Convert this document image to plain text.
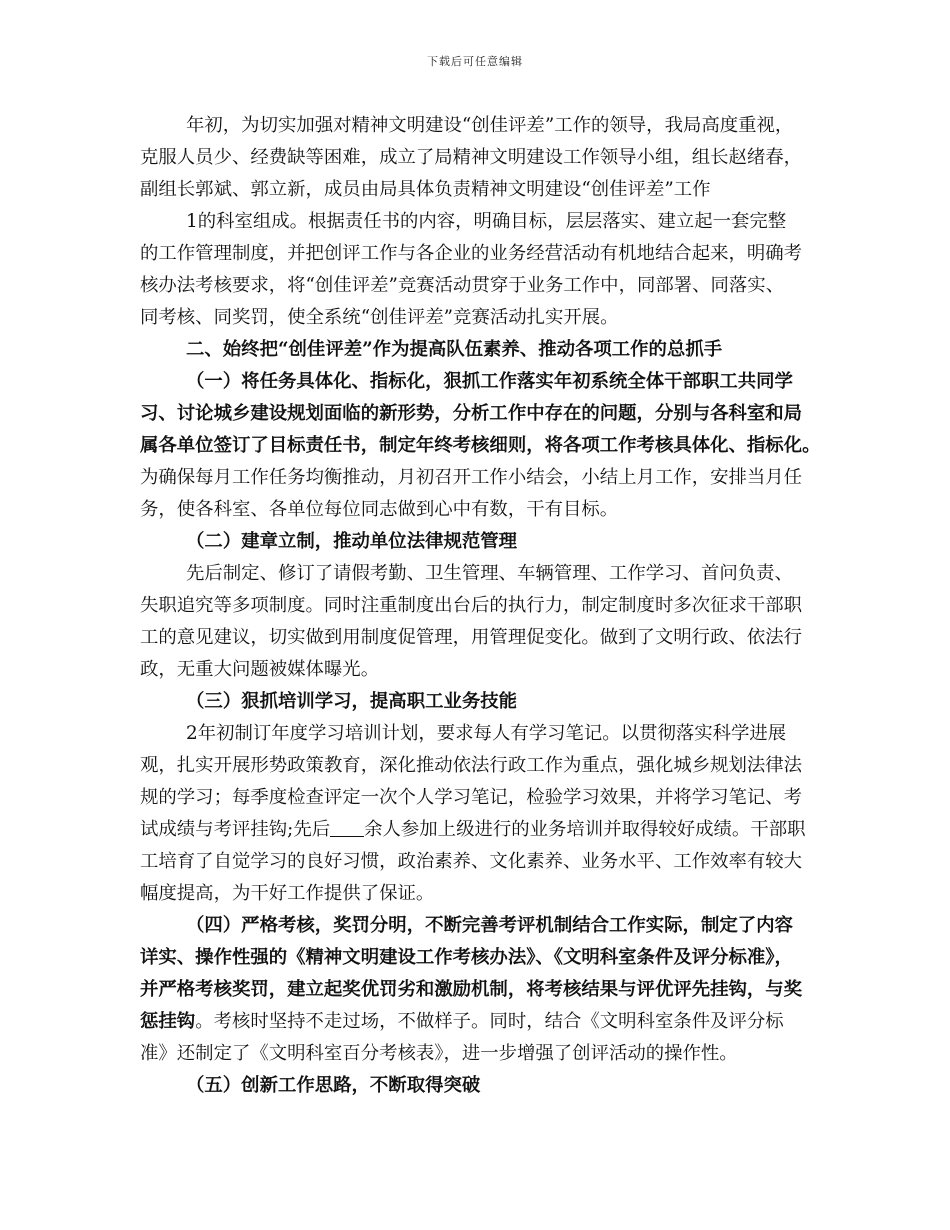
下载后可任意编辑
年初，为切实加强对精神文明建设“创佳评差”工作的领导，我局高度重视，
克服人员少、经费缺等困难，成立了局精神文明建设工作领导小组，组长赵绪春，
副组长郭斌、郭立新，成员由局具体负责精神文明建设“创佳评差”工作
1的科室组成。根据责任书的内容，明确目标，层层落实、建立起一套完整
的工作管理制度，并把创评工作与各企业的业务经营活动有机地结合起来，明确考
核办法考核要求，将“创佳评差”竞赛活动贯穿于业务工作中，同部署、同落实、
同考核、同奖罚，使全系统“创佳评差”竞赛活动扎实开展。
二、始终把“创佳评差”作为提高队伍素养、推动各项工作的总抓手
（一）将任务具体化、指标化，狠抓工作落实年初系统全体干部职工共同学
习、讨论城乡建设规划面临的新形势，分析工作中存在的问题，分别与各科室和局
属各单位签订了目标责任书，制定年终考核细则，将各项工作考核具体化、指标化。
为确保每月工作任务均衡推动，月初召开工作小结会，小结上月工作，安排当月任
务，使各科室、各单位每位同志做到心中有数，干有目标。
（二）建章立制，推动单位法律规范管理
先后制定、修订了请假考勤、卫生管理、车辆管理、工作学习、首问负责、
失职追究等多项制度。同时注重制度出台后的执行力，制定制度时多次征求干部职
工的意见建议，切实做到用制度促管理，用管理促变化。做到了文明行政、依法行
政，无重大问题被媒体曝光。
（三）狠抓培训学习，提高职工业务技能
2年初制订年度学习培训计划，要求每人有学习笔记。以贯彻落实科学进展
观，扎实开展形势政策教育，深化推动依法行政工作为重点，强化城乡规划法律法
规的学习；每季度检查评定一次个人学习笔记，检验学习效果，并将学习笔记、考
试成绩与考评挂钩;先后 余人参加上级进行的业务培训并取得较好成绩。干部职
工培育了自觉学习的良好习惯，政治素养、文化素养、业务水平、工作效率有较大
幅度提高，为干好工作提供了保证。
（四）严格考核，奖罚分明，不断完善考评机制结合工作实际，制定了内容
详实、操作性强的《精神文明建设工作考核办法》、《文明科室条件及评分标准》，
并严格考核奖罚，建立起奖优罚劣和激励机制，将考核结果与评优评先挂钩，与奖
惩挂钩。考核时坚持不走过场，不做样子。同时，结合《文明科室条件及评分标
准》还制定了《文明科室百分考核表》，进一步增强了创评活动的操作性。
（五）创新工作思路，不断取得突破
